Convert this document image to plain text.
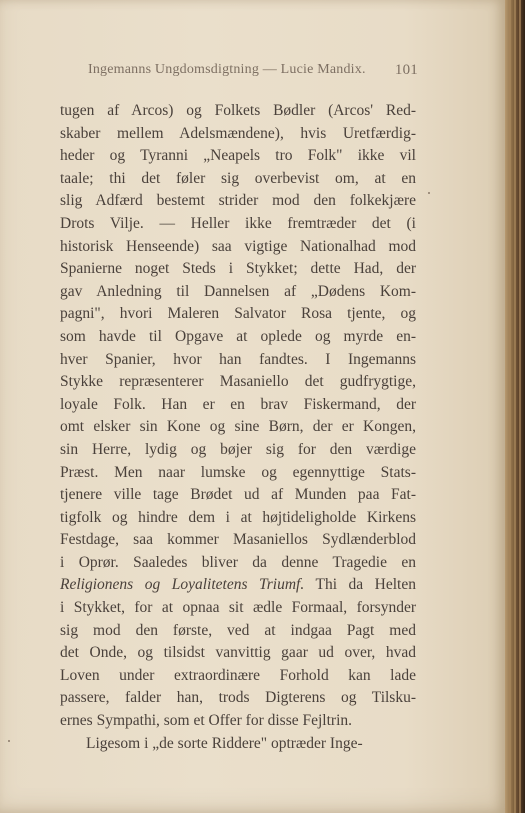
Ingemanns Ungdomsdigtning — Lucie Mandix. 101
tugen af Arcos) og Folkets Bødler (Arcos' Red-
skaber mellem Adelsmændene), hvis Uretfærdig-
heder og Tyranni „Neapels tro Folk" ikke vil
taale; thi det føler sig overbevist om, at en
slig Adfærd bestemt strider mod den folkekjære
Drots Vilje. — Heller ikke fremtræder det (i
historisk Henseende) saa vigtige Nationalhad mod
Spanierne noget Steds i Stykket; dette Had, der
gav Anledning til Dannelsen af „Dødens Kom-
pagni", hvori Maleren Salvator Rosa tjente, og
som havde til Opgave at oplede og myrde en-
hver Spanier, hvor han fandtes. I Ingemanns
Stykke repræsenterer Masaniello det gudfrygtige,
loyale Folk. Han er en brav Fiskermand, der
omt elsker sin Kone og sine Børn, der er Kongen,
sin Herre, lydig og bøjer sig for den værdige
Præst. Men naar lumske og egennyttige Stats-
tjenere ville tage Brødet ud af Munden paa Fat-
tigfolk og hindre dem i at højtideligholde Kirkens
Festdage, saa kommer Masaniellos Sydlænderblod
i Oprør. Saaledes bliver da denne Tragedie en
Religionens og Loyalitetens Triumf. Thi da Helten
i Stykket, for at opnaa sit ædle Formaal, forsynder
sig mod den første, ved at indgaa Pagt med
det Onde, og tilsidst vanvittig gaar ud over, hvad
Loven under extraordinære Forhold kan lade
passere, falder han, trods Digterens og Tilsku-
ernes Sympathi, som et Offer for disse Fejltrin.
Ligesom i „de sorte Riddere" optræder Inge-
